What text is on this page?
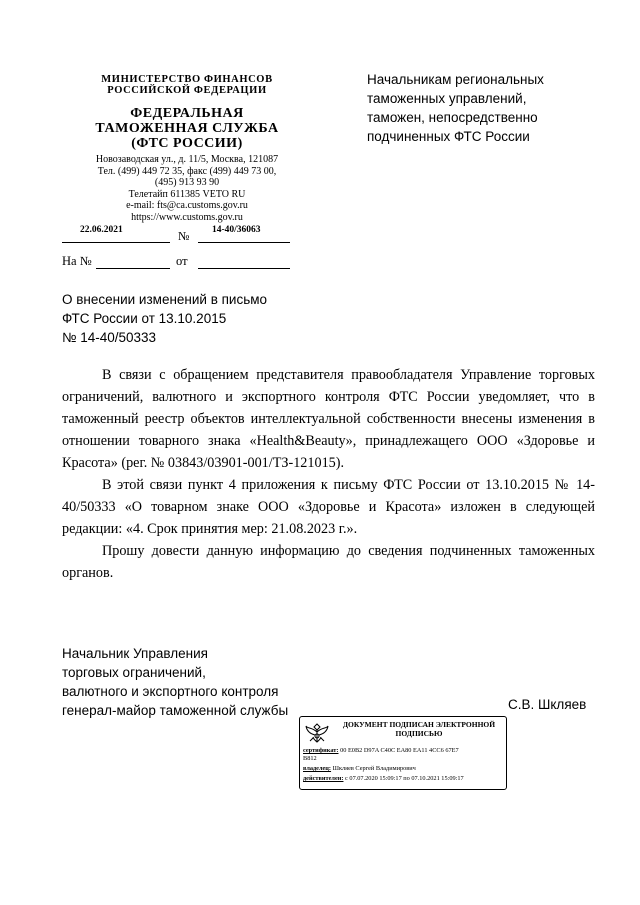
МИНИСТЕРСТВО ФИНАНСОВ
РОССИЙСКОЙ ФЕДЕРАЦИИ
ФЕДЕРАЛЬНАЯ
ТАМОЖЕННАЯ СЛУЖБА
(ФТС РОССИИ)
Новозаводская ул., д. 11/5, Москва, 121087
Тел. (499) 449 72 35, факс (499) 449 73 00,
(495) 913 93 90
Телетайп 611385 VETO RU
e-mail: fts@ca.customs.gov.ru
https://www.customs.gov.ru
22.06.2021	№ 14-40/36063
На №	от
Начальникам региональных
таможенных управлений,
таможен, непосредственно
подчиненных ФТС России
О внесении изменений в письмо
ФТС России от 13.10.2015
№ 14-40/50333

В связи с обращением представителя правообладателя Управление торговых ограничений, валютного и экспортного контроля ФТС России уведомляет, что в таможенный реестр объектов интеллектуальной собственности внесены изменения в отношении товарного знака «Health&Beauty», принадлежащего ООО «Здоровье и Красота» (рег. № 03843/03901-001/ТЗ-121015).

В этой связи пункт 4 приложения к письму ФТС России от 13.10.2015 № 14-40/50333 «О товарном знаке ООО «Здоровье и Красота» изложен в следующей редакции: «4. Срок принятия мер: 21.08.2023 г.».

Прошу довести данную информацию до сведения подчиненных таможенных органов.

Начальник Управления
торговых ограничений,
валютного и экспортного контроля
генерал-майор таможенной службы	С.В. Шкляев
ДОКУМЕНТ ПОДПИСАН ЭЛЕКТРОННОЙ
ПОДПИСЬЮ
сертификат: 00 E0B2 D97A C40C EA80 EA11 4CC6 67E7
B812
владелец: Шкляев Сергей Владимирович
действителен: с 07.07.2020 15:09:17 по 07.10.2021 15:09:17
